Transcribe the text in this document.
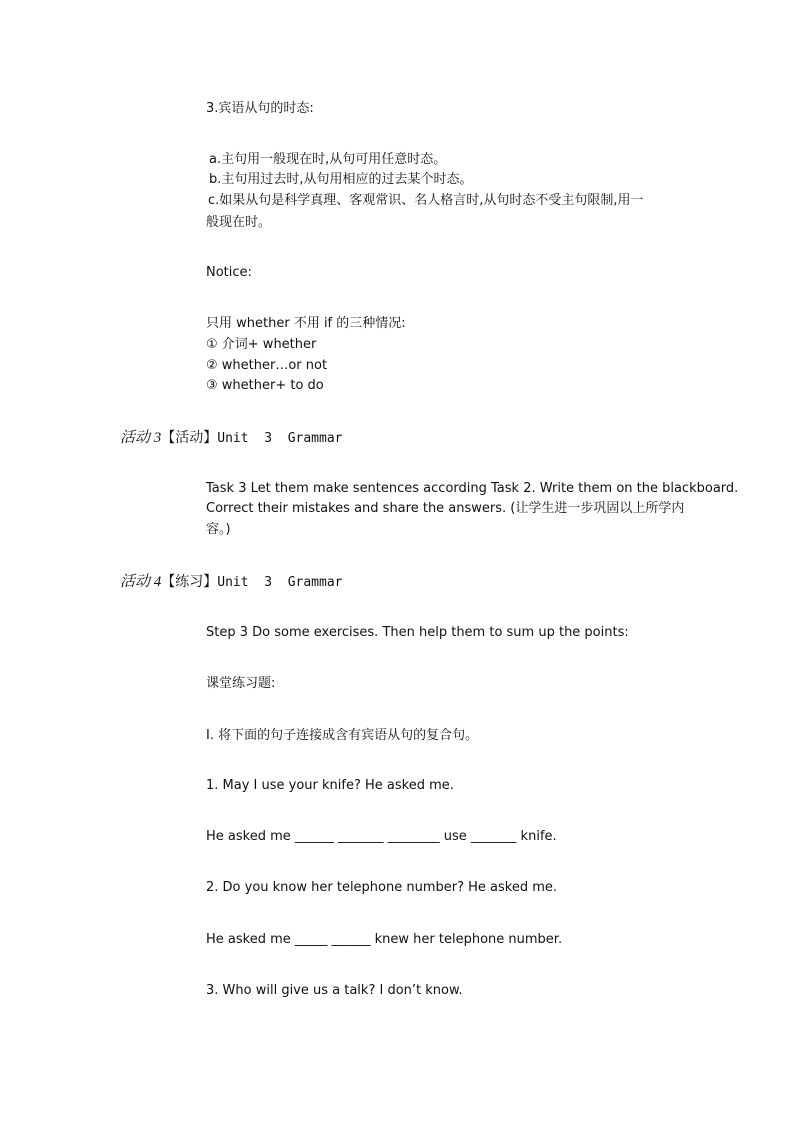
3.宾语从句的时态:
a.主句用一般现在时,从句可用任意时态。
b.主句用过去时,从句用相应的过去某个时态。
c.如果从句是科学真理、客观常识、名人格言时,从句时态不受主句限制,用一
般现在时。
Notice:
只用 whether 不用 if 的三种情况:
① 介词+ whether
② whether…or not
③ whether+ to do
活动 3【活动】Unit  3  Grammar
Task 3 Let them make sentences according Task 2. Write them on the blackboard.
Correct their mistakes and share the answers. (让学生进一步巩固以上所学内
容。)
活动 4【练习】Unit  3  Grammar
Step 3 Do some exercises. Then help them to sum up the points:
课堂练习题:
I. 将下面的句子连接成含有宾语从句的复合句。
1. May I use your knife? He asked me.
He asked me ______ _______ ________ use _______ knife.
2. Do you know her telephone number? He asked me.
He asked me _____ ______ knew her telephone number.
3. Who will give us a talk? I don’t know.
